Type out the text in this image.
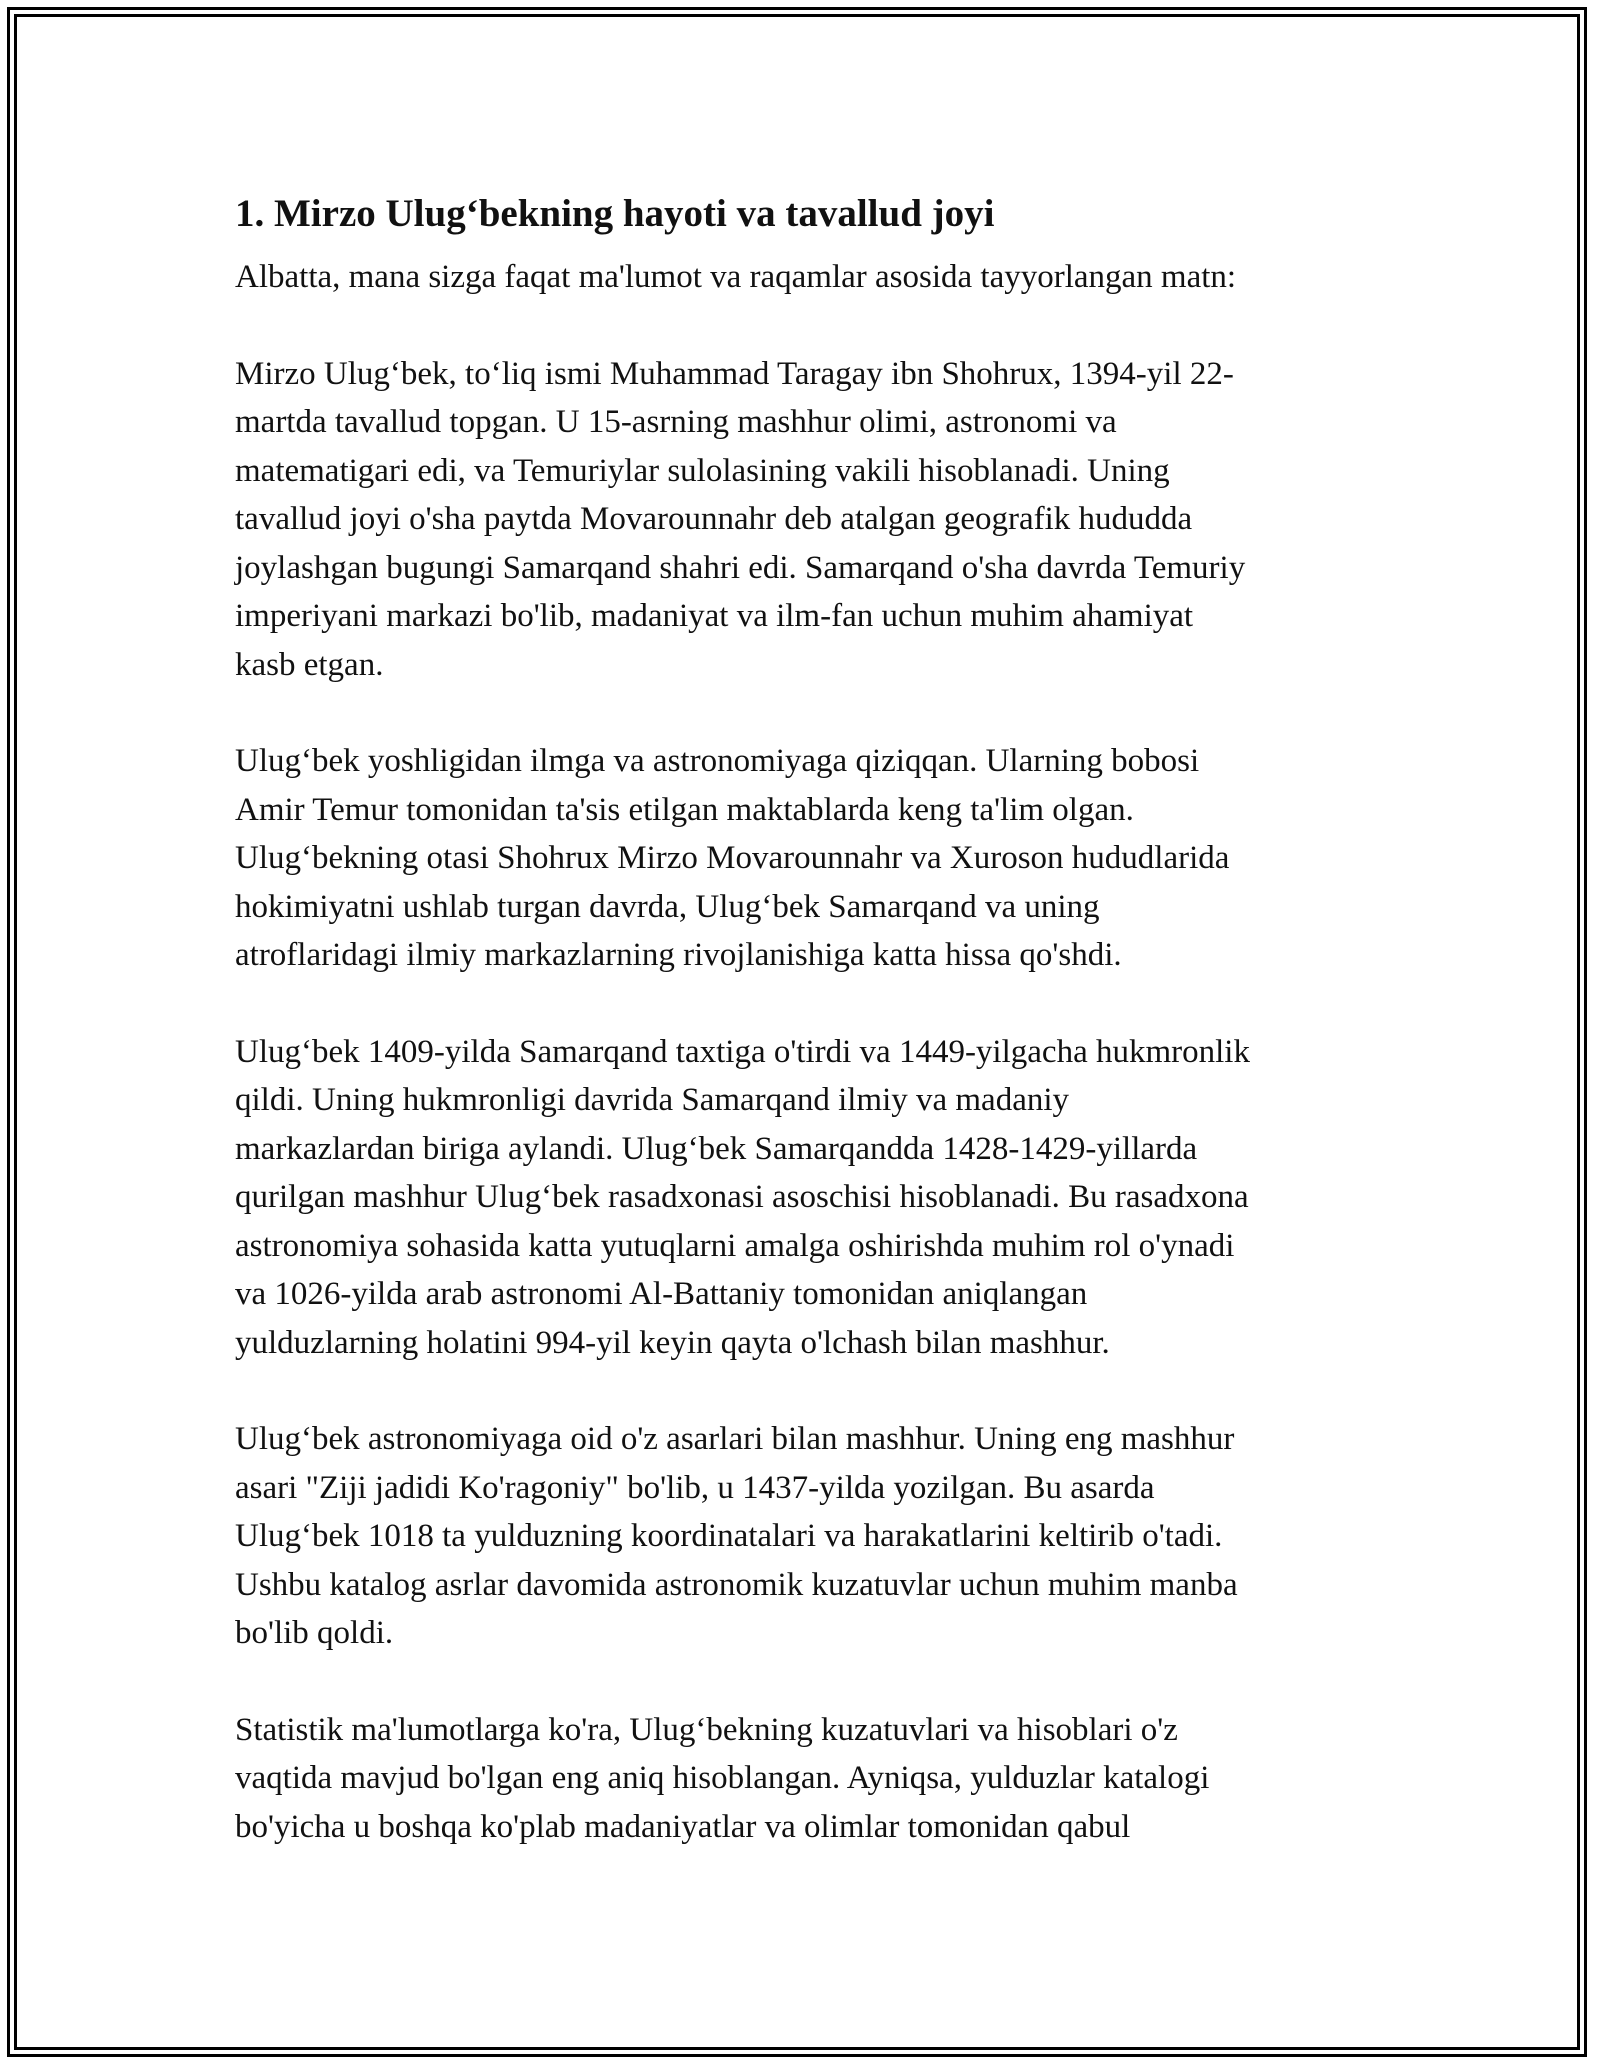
1. Mirzo Ulug‘bekning hayoti va tavallud joyi

Albatta, mana sizga faqat ma'lumot va raqamlar asosida tayyorlangan matn:

Mirzo Ulug‘bek, to‘liq ismi Muhammad Taragay ibn Shohrux, 1394-yil 22-
martda tavallud topgan. U 15-asrning mashhur olimi, astronomi va
matematigari edi, va Temuriylar sulolasining vakili hisoblanadi. Uning
tavallud joyi o'sha paytda Movarounnahr deb atalgan geografik hududda
joylashgan bugungi Samarqand shahri edi. Samarqand o'sha davrda Temuriy
imperiyani markazi bo'lib, madaniyat va ilm-fan uchun muhim ahamiyat
kasb etgan.

Ulug‘bek yoshligidan ilmga va astronomiyaga qiziqqan. Ularning bobosi
Amir Temur tomonidan ta'sis etilgan maktablarda keng ta'lim olgan.
Ulug‘bekning otasi Shohrux Mirzo Movarounnahr va Xuroson hududlarida
hokimiyatni ushlab turgan davrda, Ulug‘bek Samarqand va uning
atroflaridagi ilmiy markazlarning rivojlanishiga katta hissa qo'shdi.

Ulug‘bek 1409-yilda Samarqand taxtiga o'tirdi va 1449-yilgacha hukmronlik
qildi. Uning hukmronligi davrida Samarqand ilmiy va madaniy
markazlardan biriga aylandi. Ulug‘bek Samarqandda 1428-1429-yillarda
qurilgan mashhur Ulug‘bek rasadxonasi asoschisi hisoblanadi. Bu rasadxona
astronomiya sohasida katta yutuqlarni amalga oshirishda muhim rol o'ynadi
va 1026-yilda arab astronomi Al-Battaniy tomonidan aniqlangan
yulduzlarning holatini 994-yil keyin qayta o'lchash bilan mashhur.

Ulug‘bek astronomiyaga oid o'z asarlari bilan mashhur. Uning eng mashhur
asari "Ziji jadidi Ko'ragoniy" bo'lib, u 1437-yilda yozilgan. Bu asarda
Ulug‘bek 1018 ta yulduzning koordinatalari va harakatlarini keltirib o'tadi.
Ushbu katalog asrlar davomida astronomik kuzatuvlar uchun muhim manba
bo'lib qoldi.

Statistik ma'lumotlarga ko'ra, Ulug‘bekning kuzatuvlari va hisoblari o'z
vaqtida mavjud bo'lgan eng aniq hisoblangan. Ayniqsa, yulduzlar katalogi
bo'yicha u boshqa ko'plab madaniyatlar va olimlar tomonidan qabul
